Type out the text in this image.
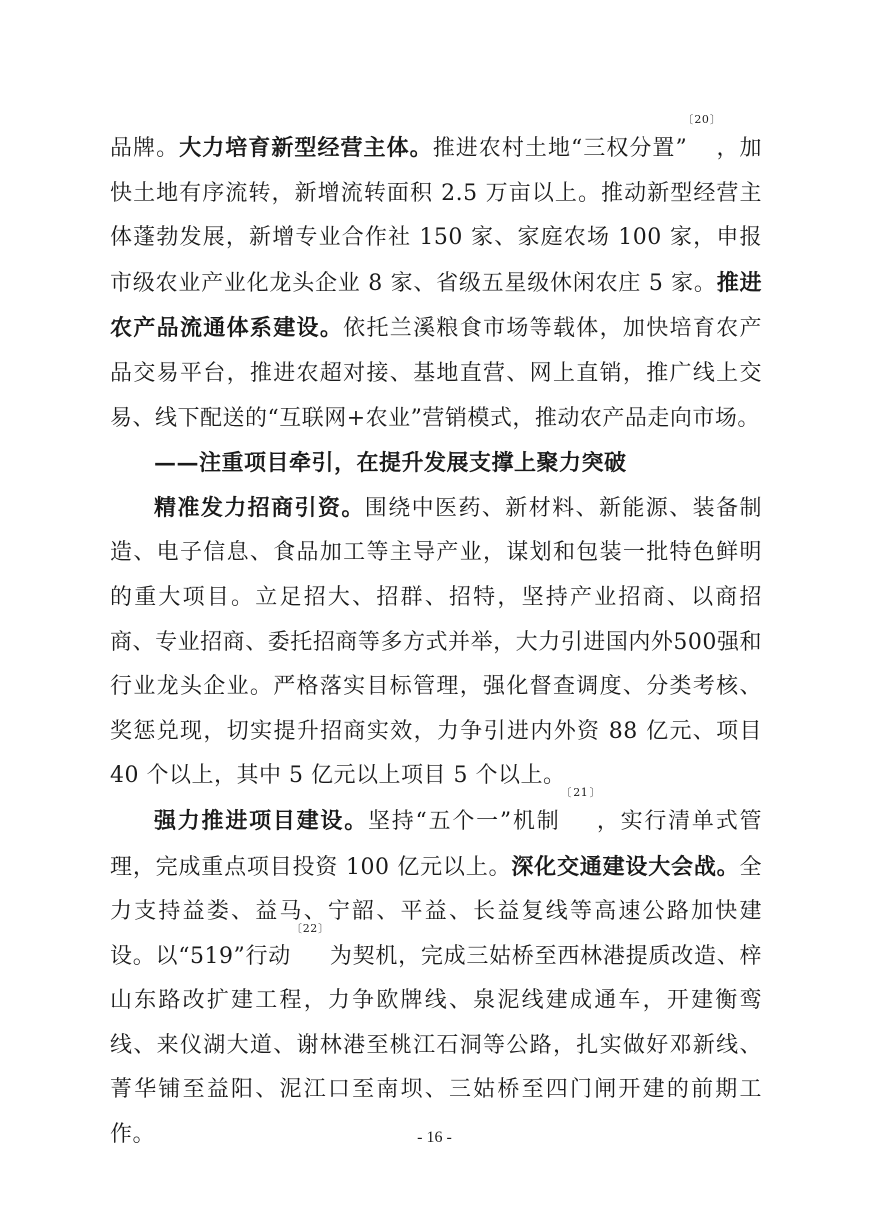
品牌。大力培育新型经营主体。推进农村土地“三权分置”$^{〔20〕}$，加快土地有序流转，新增流转面积 2.5 万亩以上。推动新型经营主体蓬勃发展，新增专业合作社 150 家、家庭农场 100 家，申报市级农业产业化龙头企业 8 家、省级五星级休闲农庄 5 家。推进农产品流通体系建设。依托兰溪粮食市场等载体，加快培育农产品交易平台，推进农超对接、基地直营、网上直销，推广线上交易、线下配送的“互联网+农业”营销模式，推动农产品走向市场。

——注重项目牵引，在提升发展支撑上聚力突破

精准发力招商引资。围绕中医药、新材料、新能源、装备制造、电子信息、食品加工等主导产业，谋划和包装一批特色鲜明的重大项目。立足招大、招群、招特，坚持产业招商、以商招商、专业招商、委托招商等多方式并举，大力引进国内外500强和行业龙头企业。严格落实目标管理，强化督查调度、分类考核、奖惩兑现，切实提升招商实效，力争引进内外资 88 亿元、项目 40 个以上，其中 5 亿元以上项目 5 个以上。

强力推进项目建设。坚持“五个一”机制$^{〔21〕}$，实行清单式管理，完成重点项目投资 100 亿元以上。深化交通建设大会战。全力支持益娄、益马、宁韶、平益、长益复线等高速公路加快建设。以“519”行动$^{〔22〕}$为契机，完成三姑桥至西林港提质改造、梓山东路改扩建工程，力争欧牌线、泉泥线建成通车，开建衡鸾线、来仪湖大道、谢林港至桃江石洞等公路，扎实做好邓新线、菁华铺至益阳、泥江口至南坝、三姑桥至四门闸开建的前期工作。	- 16 -
